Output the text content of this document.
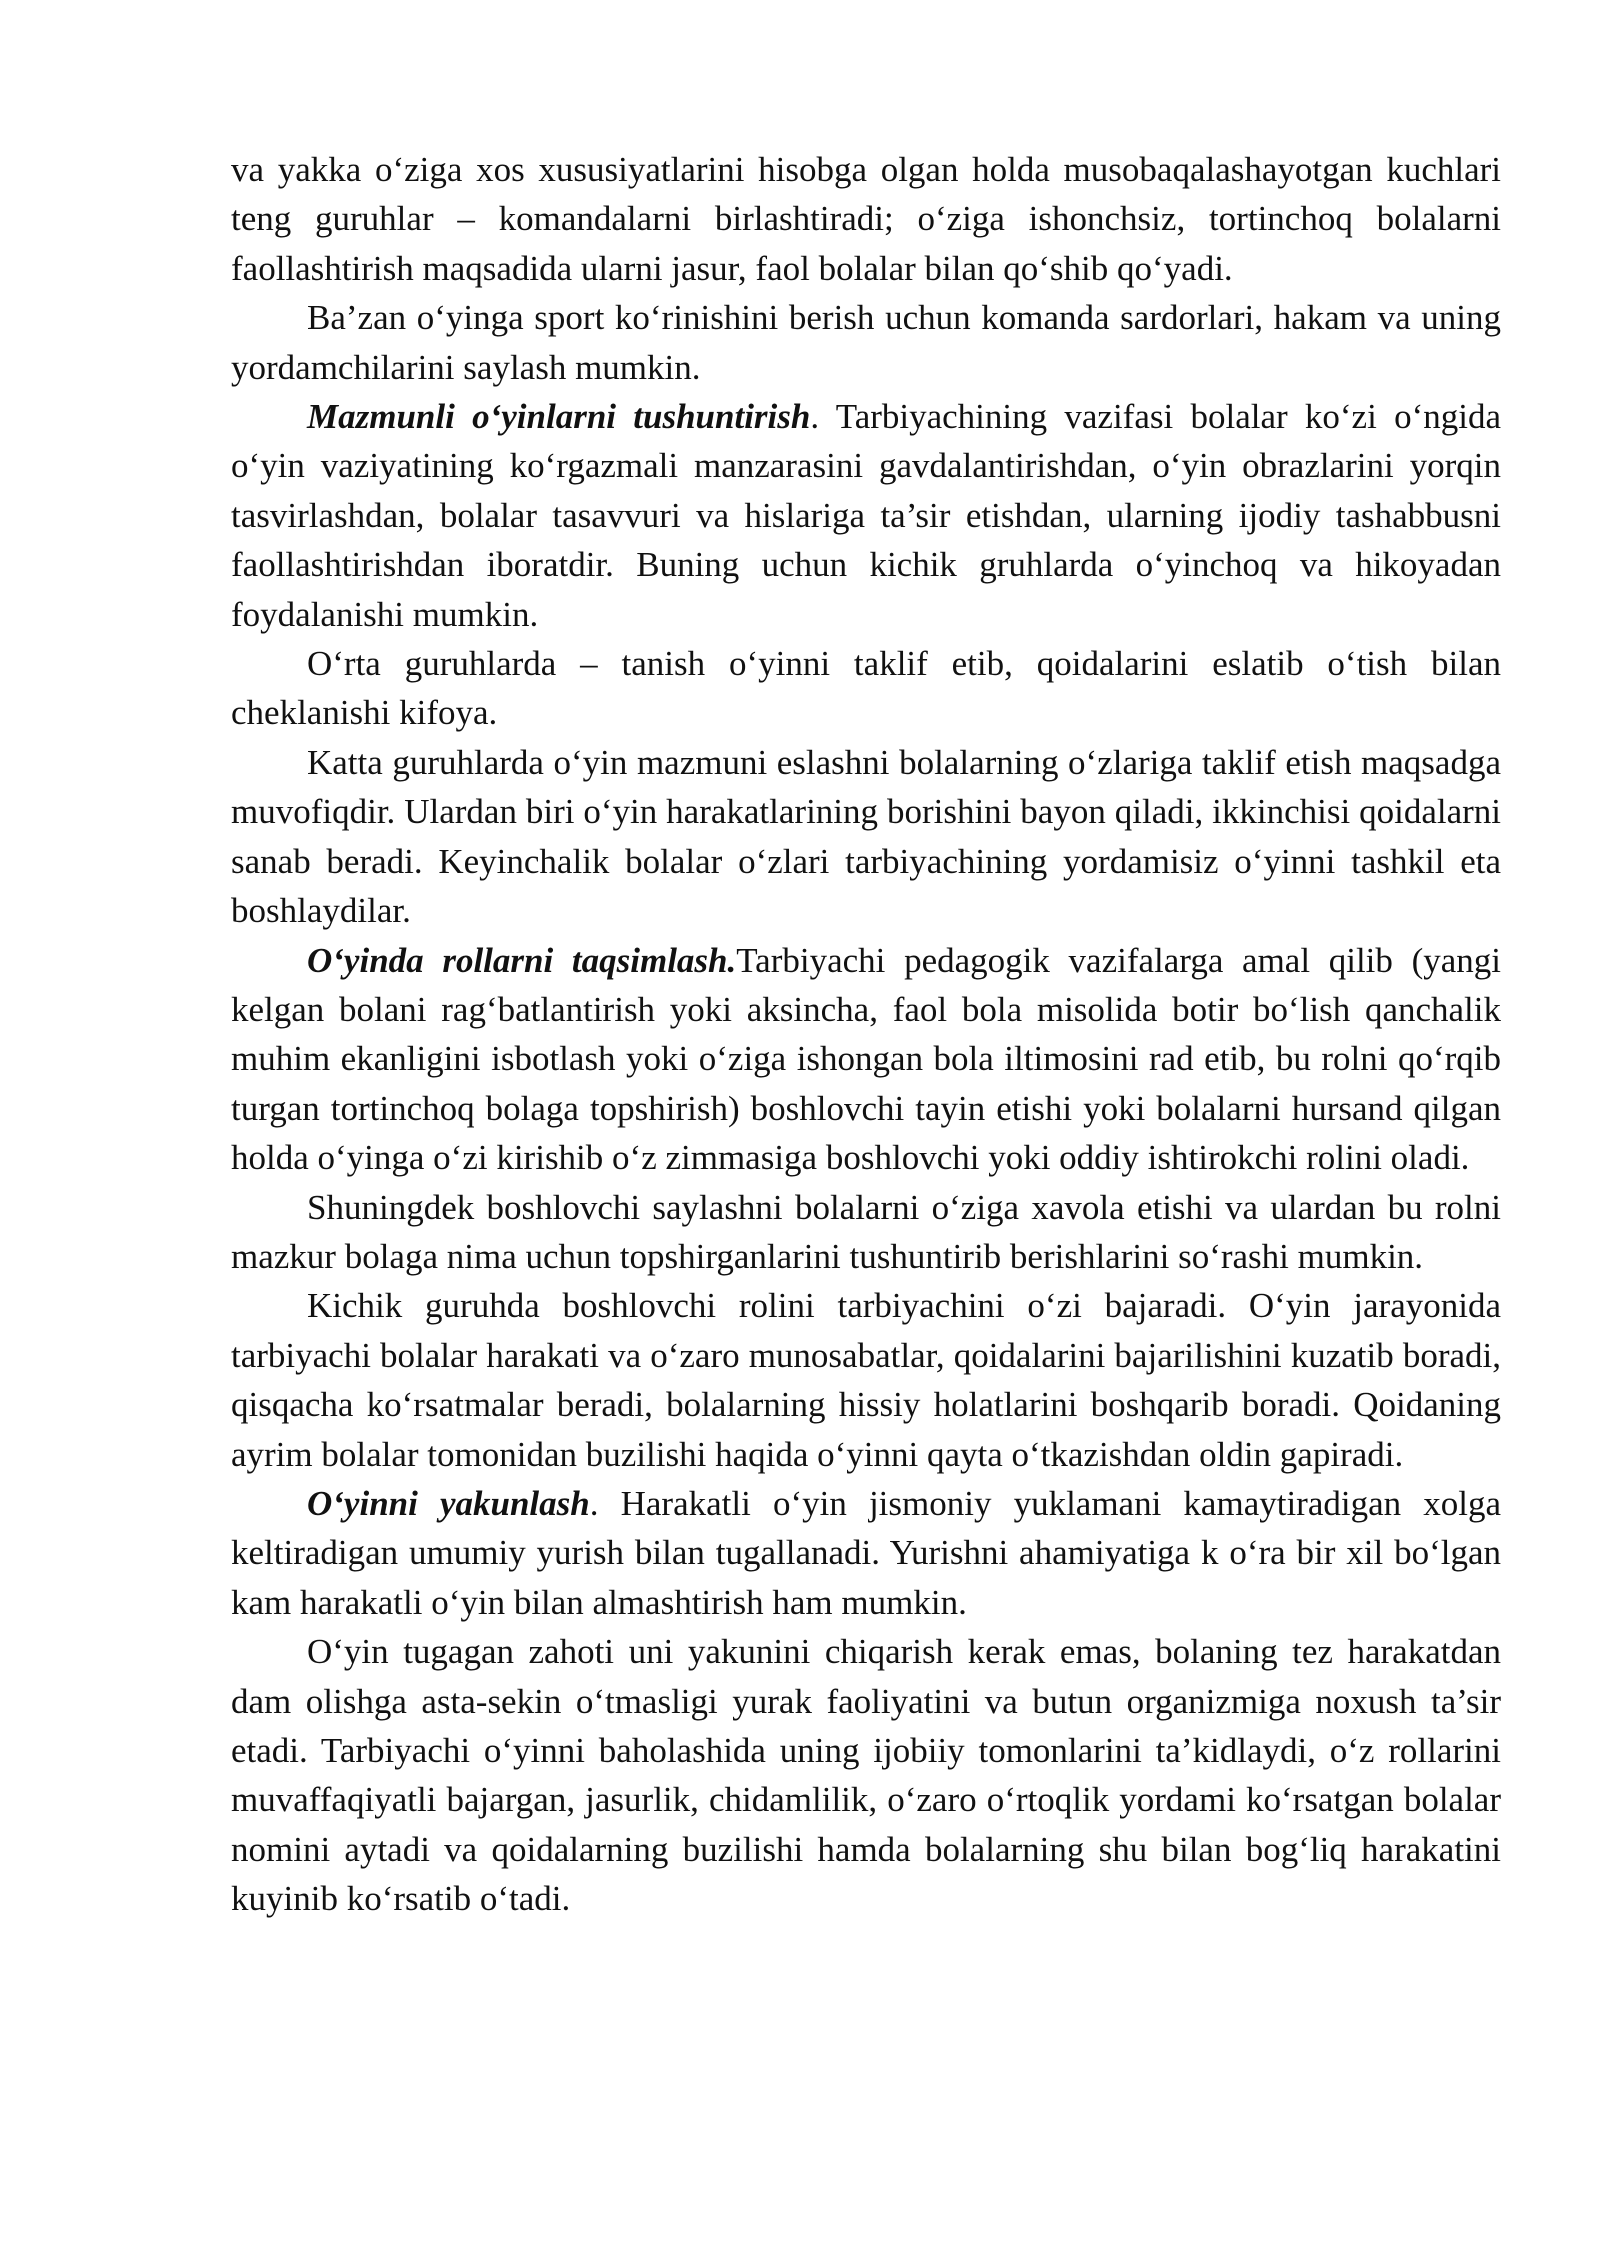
va yakka o‘ziga xos xususiyatlarini hisobga olgan holda musobaqalashayotgan kuchlari teng guruhlar – komandalarni birlashtiradi; o‘ziga ishonchsiz, tortinchoq bolalarni faollashtirish maqsadida ularni jasur, faol bolalar bilan qo‘shib qo‘yadi.

Ba’zan o‘yinga sport ko‘rinishini berish uchun komanda sardorlari, hakam va uning yordamchilarini saylash mumkin.

Mazmunli o‘yinlarni tushuntirish. Tarbiyachining vazifasi bolalar ko‘zi o‘ngida o‘yin vaziyatining ko‘rgazmali manzarasini gavdalantirishdan, o‘yin obrazlarini yorqin tasvirlashdan, bolalar tasavvuri va hislariga ta’sir etishdan, ularning ijodiy tashabbusni faollashtirishdan iboratdir. Buning uchun kichik gruhlarda o‘yinchoq va hikoyadan foydalanishi mumkin.

O‘rta guruhlarda – tanish o‘yinni taklif etib, qoidalarini eslatib o‘tish bilan cheklanishi kifoya.

Katta guruhlarda o‘yin mazmuni eslashni bolalarning o‘zlariga taklif etish maqsadga muvofiqdir. Ulardan biri o‘yin harakatlarining borishini bayon qiladi, ikkinchisi qoidalarni sanab beradi. Keyinchalik bolalar o‘zlari tarbiyachining yordamisiz o‘yinni tashkil eta boshlaydilar.

O‘yinda rollarni taqsimlash.Tarbiyachi pedagogik vazifalarga amal qilib (yangi kelgan bolani rag‘batlantirish yoki aksincha, faol bola misolida botir bo‘lish qanchalik muhim ekanligini isbotlash yoki o‘ziga ishongan bola iltimosini rad etib, bu rolni qo‘rqib turgan tortinchoq bolaga topshirish) boshlovchi tayin etishi yoki bolalarni hursand qilgan holda o‘yinga o‘zi kirishib o‘z zimmasiga boshlovchi yoki oddiy ishtirokchi rolini oladi.

Shuningdek boshlovchi saylashni bolalarni o‘ziga xavola etishi va ulardan bu rolni mazkur bolaga nima uchun topshirganlarini tushuntirib berishlarini so‘rashi mumkin.

Kichik guruhda boshlovchi rolini tarbiyachini o‘zi bajaradi. O‘yin jarayonida tarbiyachi bolalar harakati va o‘zaro munosabatlar, qoidalarini bajarilishini kuzatib boradi, qisqacha ko‘rsatmalar beradi, bolalarning hissiy holatlarini boshqarib boradi. Qoidaning ayrim bolalar tomonidan buzilishi haqida o‘yinni qayta o‘tkazishdan oldin gapiradi.

O‘yinni yakunlash. Harakatli o‘yin jismoniy yuklamani kamaytiradigan xolga keltiradigan umumiy yurish bilan tugallanadi. Yurishni ahamiyatiga k o‘ra bir xil bo‘lgan kam harakatli o‘yin bilan almashtirish ham mumkin.

O‘yin tugagan zahoti uni yakunini chiqarish kerak emas, bolaning tez harakatdan dam olishga asta-sekin o‘tmasligi yurak faoliyatini va butun organizmiga noxush ta’sir etadi. Tarbiyachi o‘yinni baholashida uning ijobiiy tomonlarini ta’kidlaydi, o‘z rollarini muvaffaqiyatli bajargan, jasurlik, chidamlilik, o‘zaro o‘rtoqlik yordami ko‘rsatgan bolalar nomini aytadi va qoidalarning buzilishi hamda bolalarning shu bilan bog‘liq harakatini kuyinib ko‘rsatib o‘tadi.
